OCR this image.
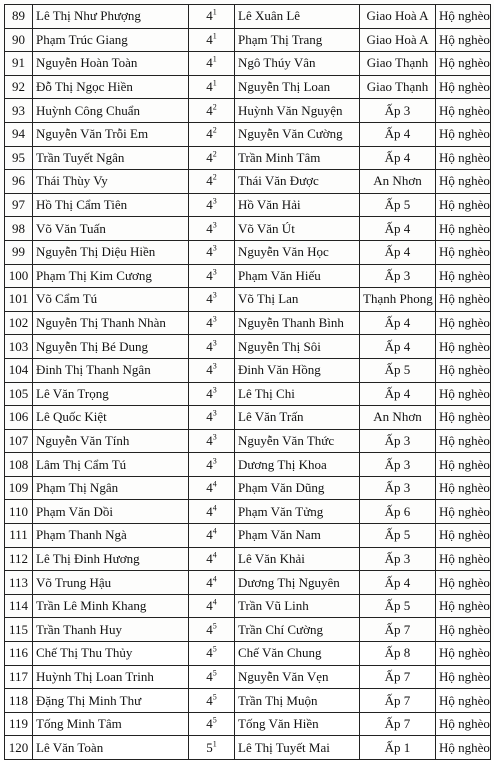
89	Lê Thị Như Phượng	$4^1$	Lê Xuân Lê	Giao Hoà A	Hộ nghèo
90	Phạm Trúc Giang	$4^1$	Phạm Thị Trang	Giao Hoà A	Hộ nghèo
91	Nguyễn Hoàn Toàn	$4^1$	Ngô Thúy Vân	Giao Thạnh	Hộ nghèo
92	Đỗ Thị Ngọc Hiền	$4^1$	Nguyễn Thị Loan	Giao Thạnh	Hộ nghèo
93	Huỳnh Công Chuẩn	$4^2$	Huỳnh Văn Nguyện	Ấp 3	Hộ nghèo
94	Nguyễn Văn Trỗi Em	$4^2$	Nguyễn Văn Cường	Ấp 4	Hộ nghèo
95	Trần Tuyết Ngân	$4^2$	Trần Minh Tâm	Ấp 4	Hộ nghèo
96	Thái Thùy Vy	$4^2$	Thái Văn Được	An Nhơn	Hộ nghèo
97	Hồ Thị Cẩm Tiên	$4^3$	Hồ Văn Hải	Ấp 5	Hộ nghèo
98	Võ Văn Tuấn	$4^3$	Võ Văn Út	Ấp 4	Hộ nghèo
99	Nguyễn Thị Diệu Hiền	$4^3$	Nguyễn Văn Học	Ấp 4	Hộ nghèo
100	Phạm Thị Kim Cương	$4^3$	Phạm Văn Hiếu	Ấp 3	Hộ nghèo
101	Võ Cẩm Tú	$4^3$	Võ Thị Lan	Thạnh Phong	Hộ nghèo
102	Nguyễn Thị Thanh Nhàn	$4^3$	Nguyễn Thanh Bình	Ấp 4	Hộ nghèo
103	Nguyễn Thị Bé Dung	$4^3$	Nguyễn Thị Sôi	Ấp 4	Hộ nghèo
104	Đinh Thị Thanh Ngân	$4^3$	Đinh Văn Hồng	Ấp 5	Hộ nghèo
105	Lê Văn Trọng	$4^3$	Lê Thị Chi	Ấp 4	Hộ nghèo
106	Lê Quốc Kiệt	$4^3$	Lê Văn Trấn	An Nhơn	Hộ nghèo
107	Nguyễn Văn Tính	$4^3$	Nguyễn Văn Thức	Ấp 3	Hộ nghèo
108	Lâm Thị Cẩm Tú	$4^3$	Dương Thị Khoa	Ấp 3	Hộ nghèo
109	Phạm Thị Ngân	$4^4$	Phạm Văn Dũng	Ấp 3	Hộ nghèo
110	Phạm Văn Dồi	$4^4$	Phạm Văn Tửng	Ấp 6	Hộ nghèo
111	Phạm Thanh Ngà	$4^4$	Phạm Văn Nam	Ấp 5	Hộ nghèo
112	Lê Thị Đinh Hương	$4^4$	Lê Văn Khải	Ấp 3	Hộ nghèo
113	Võ Trung Hậu	$4^4$	Dương Thị Nguyên	Ấp 4	Hộ nghèo
114	Trần Lê Minh Khang	$4^4$	Trần Vũ Linh	Ấp 5	Hộ nghèo
115	Trần Thanh Huy	$4^5$	Trần Chí Cường	Ấp 7	Hộ nghèo
116	Chế Thị Thu Thủy	$4^5$	Chế Văn Chung	Ấp 8	Hộ nghèo
117	Huỳnh Thị Loan Trinh	$4^5$	Nguyễn Văn Vẹn	Ấp 7	Hộ nghèo
118	Đặng Thị Minh Thư	$4^5$	Trần Thị Muộn	Ấp 7	Hộ nghèo
119	Tống Minh Tâm	$4^5$	Tống Văn Hiền	Ấp 7	Hộ nghèo
120	Lê Văn Toàn	$5^1$	Lê Thị Tuyết Mai	Ấp 1	Hộ nghèo
